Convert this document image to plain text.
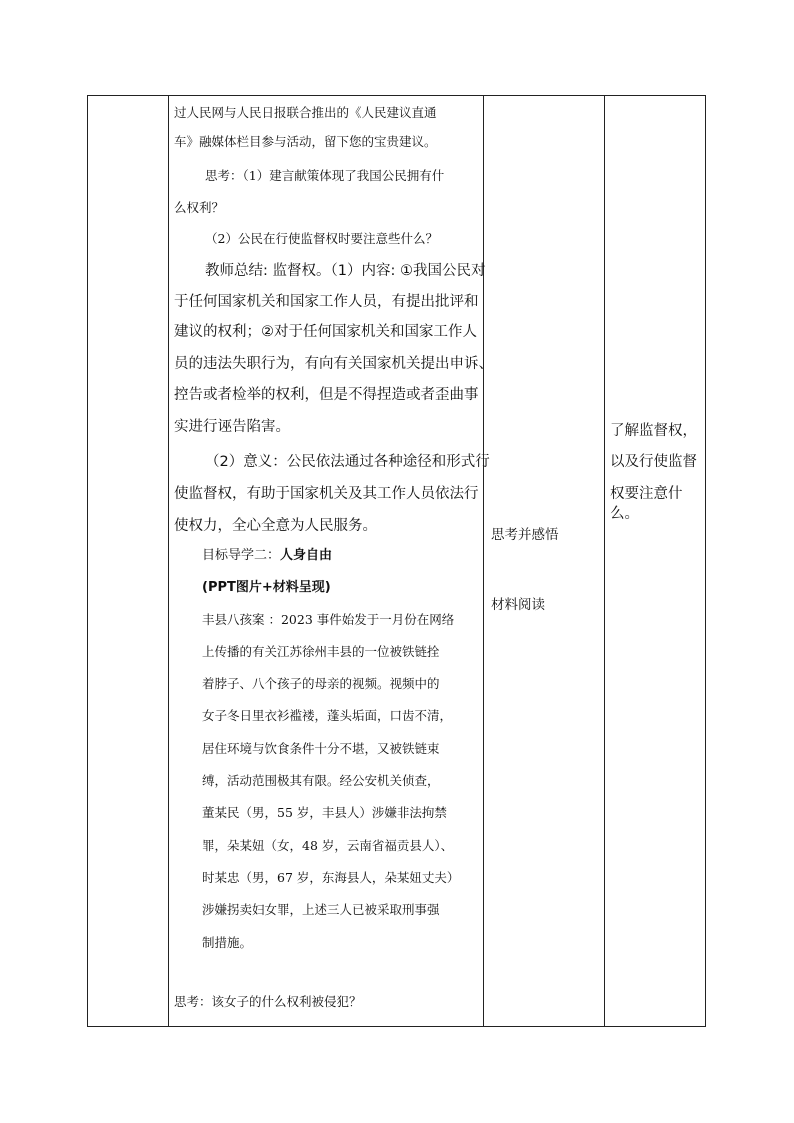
过人民网与人民日报联合推出的《人民建议直通
车》融媒体栏目参与活动，留下您的宝贵建议。
思考：（1）建言献策体现了我国公民拥有什
么权利？
（2）公民在行使监督权时要注意些什么？
教师总结: 监督权。（1）内容: ①我国公民对
于任何国家机关和国家工作人员，有提出批评和
建议的权利；②对于任何国家机关和国家工作人
员的违法失职行为，有向有关国家机关提出申诉、
控告或者检举的权利，但是不得捏造或者歪曲事
实进行诬告陷害。
（2）意义：公民依法通过各种途径和形式行
使监督权，有助于国家机关及其工作人员依法行
使权力，全心全意为人民服务。
目标导学二：人身自由
(PPT图片+材料呈现)
丰县八孩案 ：2023 事件始发于一月份在网络
上传播的有关江苏徐州丰县的一位被铁链拴
着脖子、八个孩子的母亲的视频。视频中的
女子冬日里衣衫褴褛，蓬头垢面，口齿不清，
居住环境与饮食条件十分不堪，又被铁链束
缚，活动范围极其有限。经公安机关侦查，
董某民（男，55 岁，丰县人）涉嫌非法拘禁
罪，朵某妞（女，48 岁，云南省福贡县人）、
时某忠（男，67 岁，东海县人，朵某妞丈夫）
涉嫌拐卖妇女罪，上述三人已被采取刑事强
制措施。
思考：该女子的什么权利被侵犯？
思考并感悟
材料阅读
了解监督权，
以及行使监督
权要注意什么。
